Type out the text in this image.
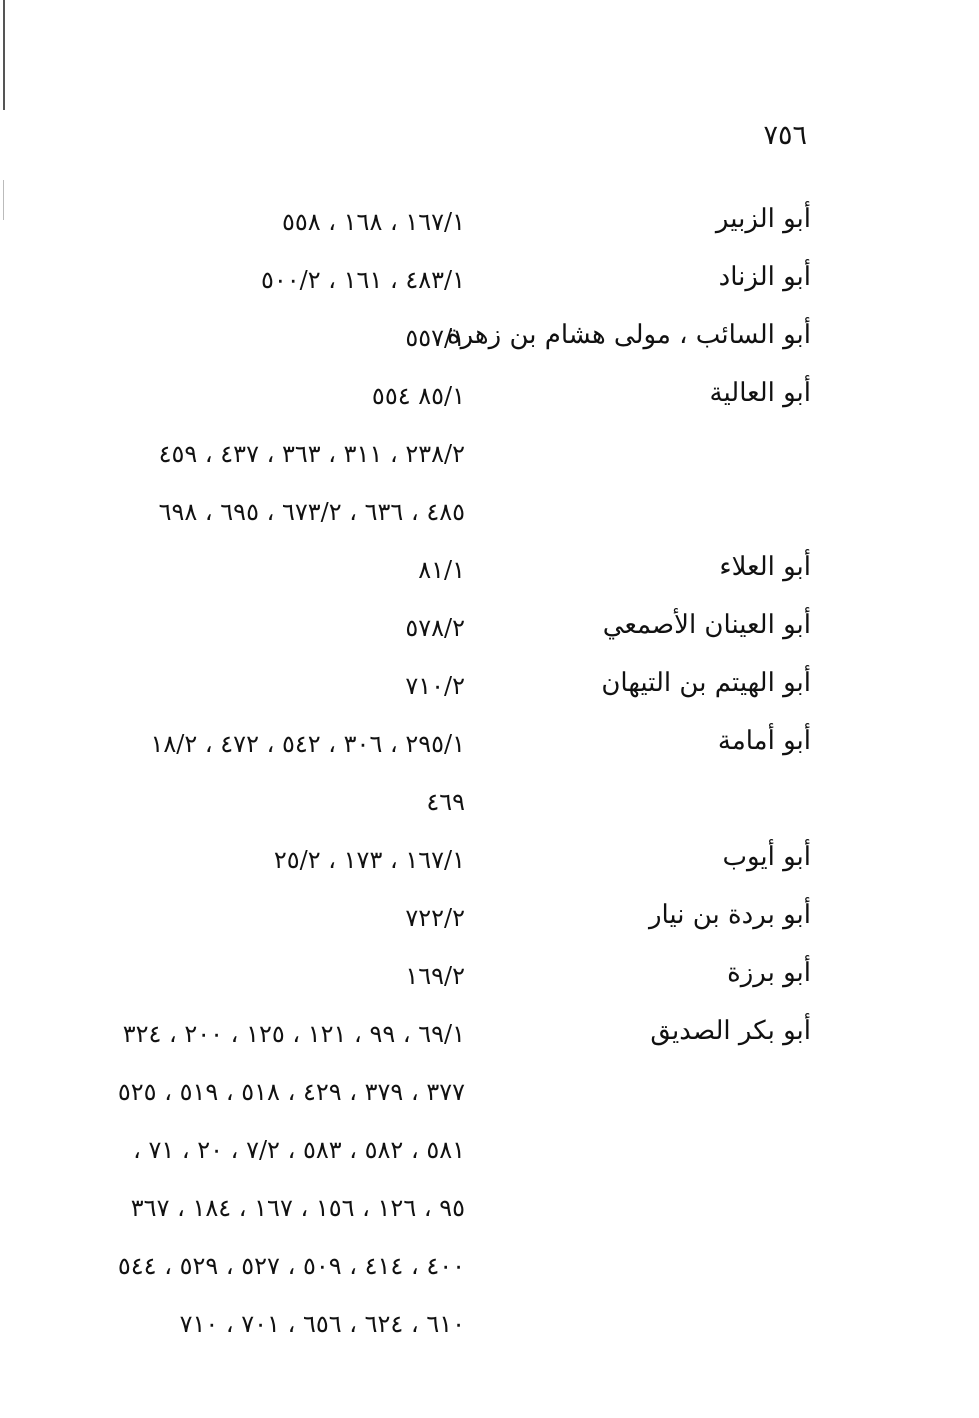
٧٥٦
أبو الزبير
١٦٧/١ ، ١٦٨ ، ٥٥٨
أبو الزناد
٤٨٣/١ ، ١٦١ ، ٥٠٠/٢
أبو السائب ، مولى هشام بن زهرة
٥٥٧/١
أبو العالية
٨٥/١ ٥٥٤
٢٣٨/٢ ، ٣١١ ، ٣٦٣ ، ٤٣٧ ، ٤٥٩
٤٨٥ ، ٦٣٦ ، ٦٧٣/٢ ، ٦٩٥ ، ٦٩٨
أبو العلاء
٨١/١
أبو العينان الأصمعي
٥٧٨/٢
أبو الهيتم بن التيهان
٧١٠/٢
أبو أمامة
٢٩٥/١ ، ٣٠٦ ، ٥٤٢ ، ٤٧٢ ، ١٨/٢
٤٦٩
أبو أيوب
١٦٧/١ ، ١٧٣ ، ٢٥/٢
أبو بردة بن نيار
٧٢٢/٢
أبو برزة
١٦٩/٢
أبو بكر الصديق
٦٩/١ ، ٩٩ ، ١٢١ ، ١٢٥ ، ٢٠٠ ، ٣٢٤
٣٧٧ ، ٣٧٩ ، ٤٢٩ ، ٥١٨ ، ٥١٩ ، ٥٢٥
٥٨١ ، ٥٨٢ ، ٥٨٣ ، ٧/٢ ، ٢٠ ، ٧١ ،
٩٥ ، ١٢٦ ، ١٥٦ ، ١٦٧ ، ١٨٤ ، ٣٦٧
٤٠٠ ، ٤١٤ ، ٥٠٩ ، ٥٢٧ ، ٥٢٩ ، ٥٤٤
٦١٠ ، ٦٢٤ ، ٦٥٦ ، ٧٠١ ، ٧١٠
